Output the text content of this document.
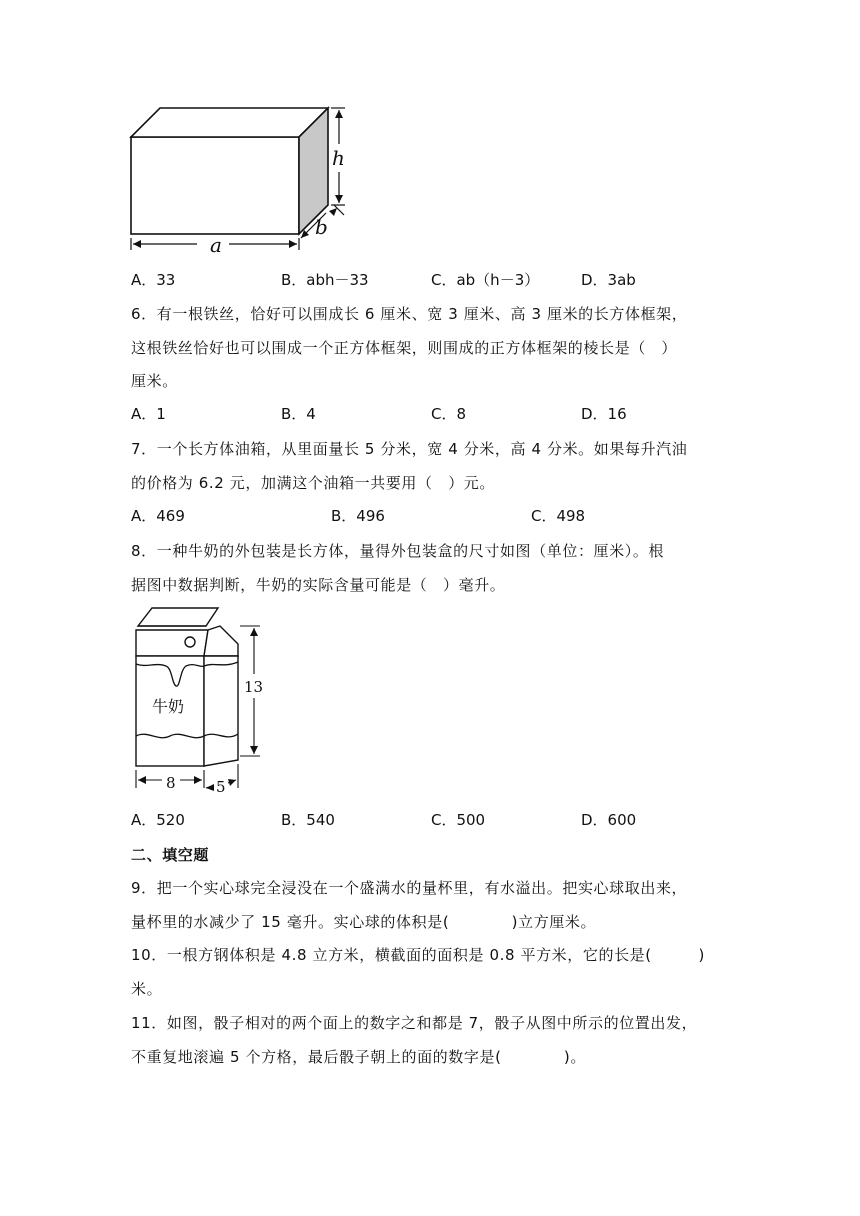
a
h
b
A．33	B．abh－33	C．ab（h－3）	D．3ab
6．有一根铁丝，恰好可以围成长 6 厘米、宽 3 厘米、高 3 厘米的长方体框架，
这根铁丝恰好也可以围成一个正方体框架，则围成的正方体框架的棱长是（　）
厘米。
A．1	B．4	C．8	D．16
7．一个长方体油箱，从里面量长 5 分米，宽 4 分米，高 4 分米。如果每升汽油
的价格为 6.2 元，加满这个油箱一共要用（　）元。
A．469	B．496	C．498
8．一种牛奶的外包装是长方体，量得外包装盒的尺寸如图（单位：厘米）。根
据图中数据判断，牛奶的实际含量可能是（　）毫升。
牛奶
13
8	5
A．520	B．540	C．500	D．600
二、填空题
9．把一个实心球完全浸没在一个盛满水的量杯里，有水溢出。把实心球取出来，
量杯里的水减少了 15 毫升。实心球的体积是(　　　　)立方厘米。
10．一根方钢体积是 4.8 立方米，横截面的面积是 0.8 平方米，它的长是(　　　)
米。
11．如图，骰子相对的两个面上的数字之和都是 7，骰子从图中所示的位置出发，
不重复地滚遍 5 个方格，最后骰子朝上的面的数字是(　　　　)。
